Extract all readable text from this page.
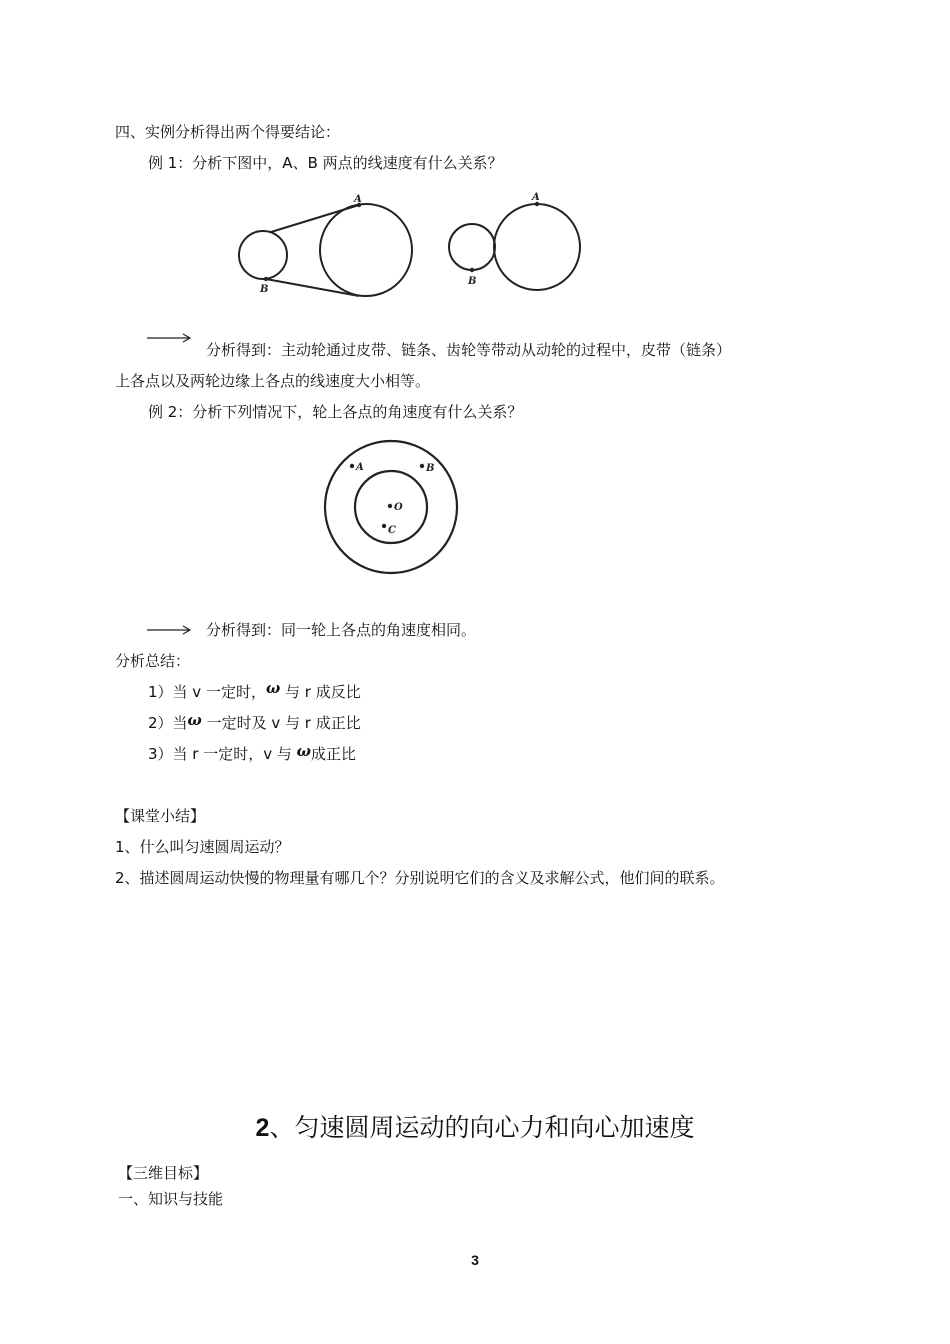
四、实例分析得出两个得要结论：
例 1：分析下图中，A、B 两点的线速度有什么关系？
A
B
A
B
分析得到：主动轮通过皮带、链条、齿轮等带动从动轮的过程中，皮带（链条）
上各点以及两轮边缘上各点的线速度大小相等。
例 2：分析下列情况下，轮上各点的角速度有什么关系？
A	B
O
C
分析得到：同一轮上各点的角速度相同。
分析总结：
1）当 v 一定时，ω 与 r 成反比
2）当ω 一定时及 v 与 r 成正比
3）当 r 一定时，v 与 ω成正比
【课堂小结】
1、什么叫匀速圆周运动？
2、描述圆周运动快慢的物理量有哪几个？分别说明它们的含义及求解公式，他们间的联系。
2、匀速圆周运动的向心力和向心加速度
【三维目标】
一、知识与技能
3
